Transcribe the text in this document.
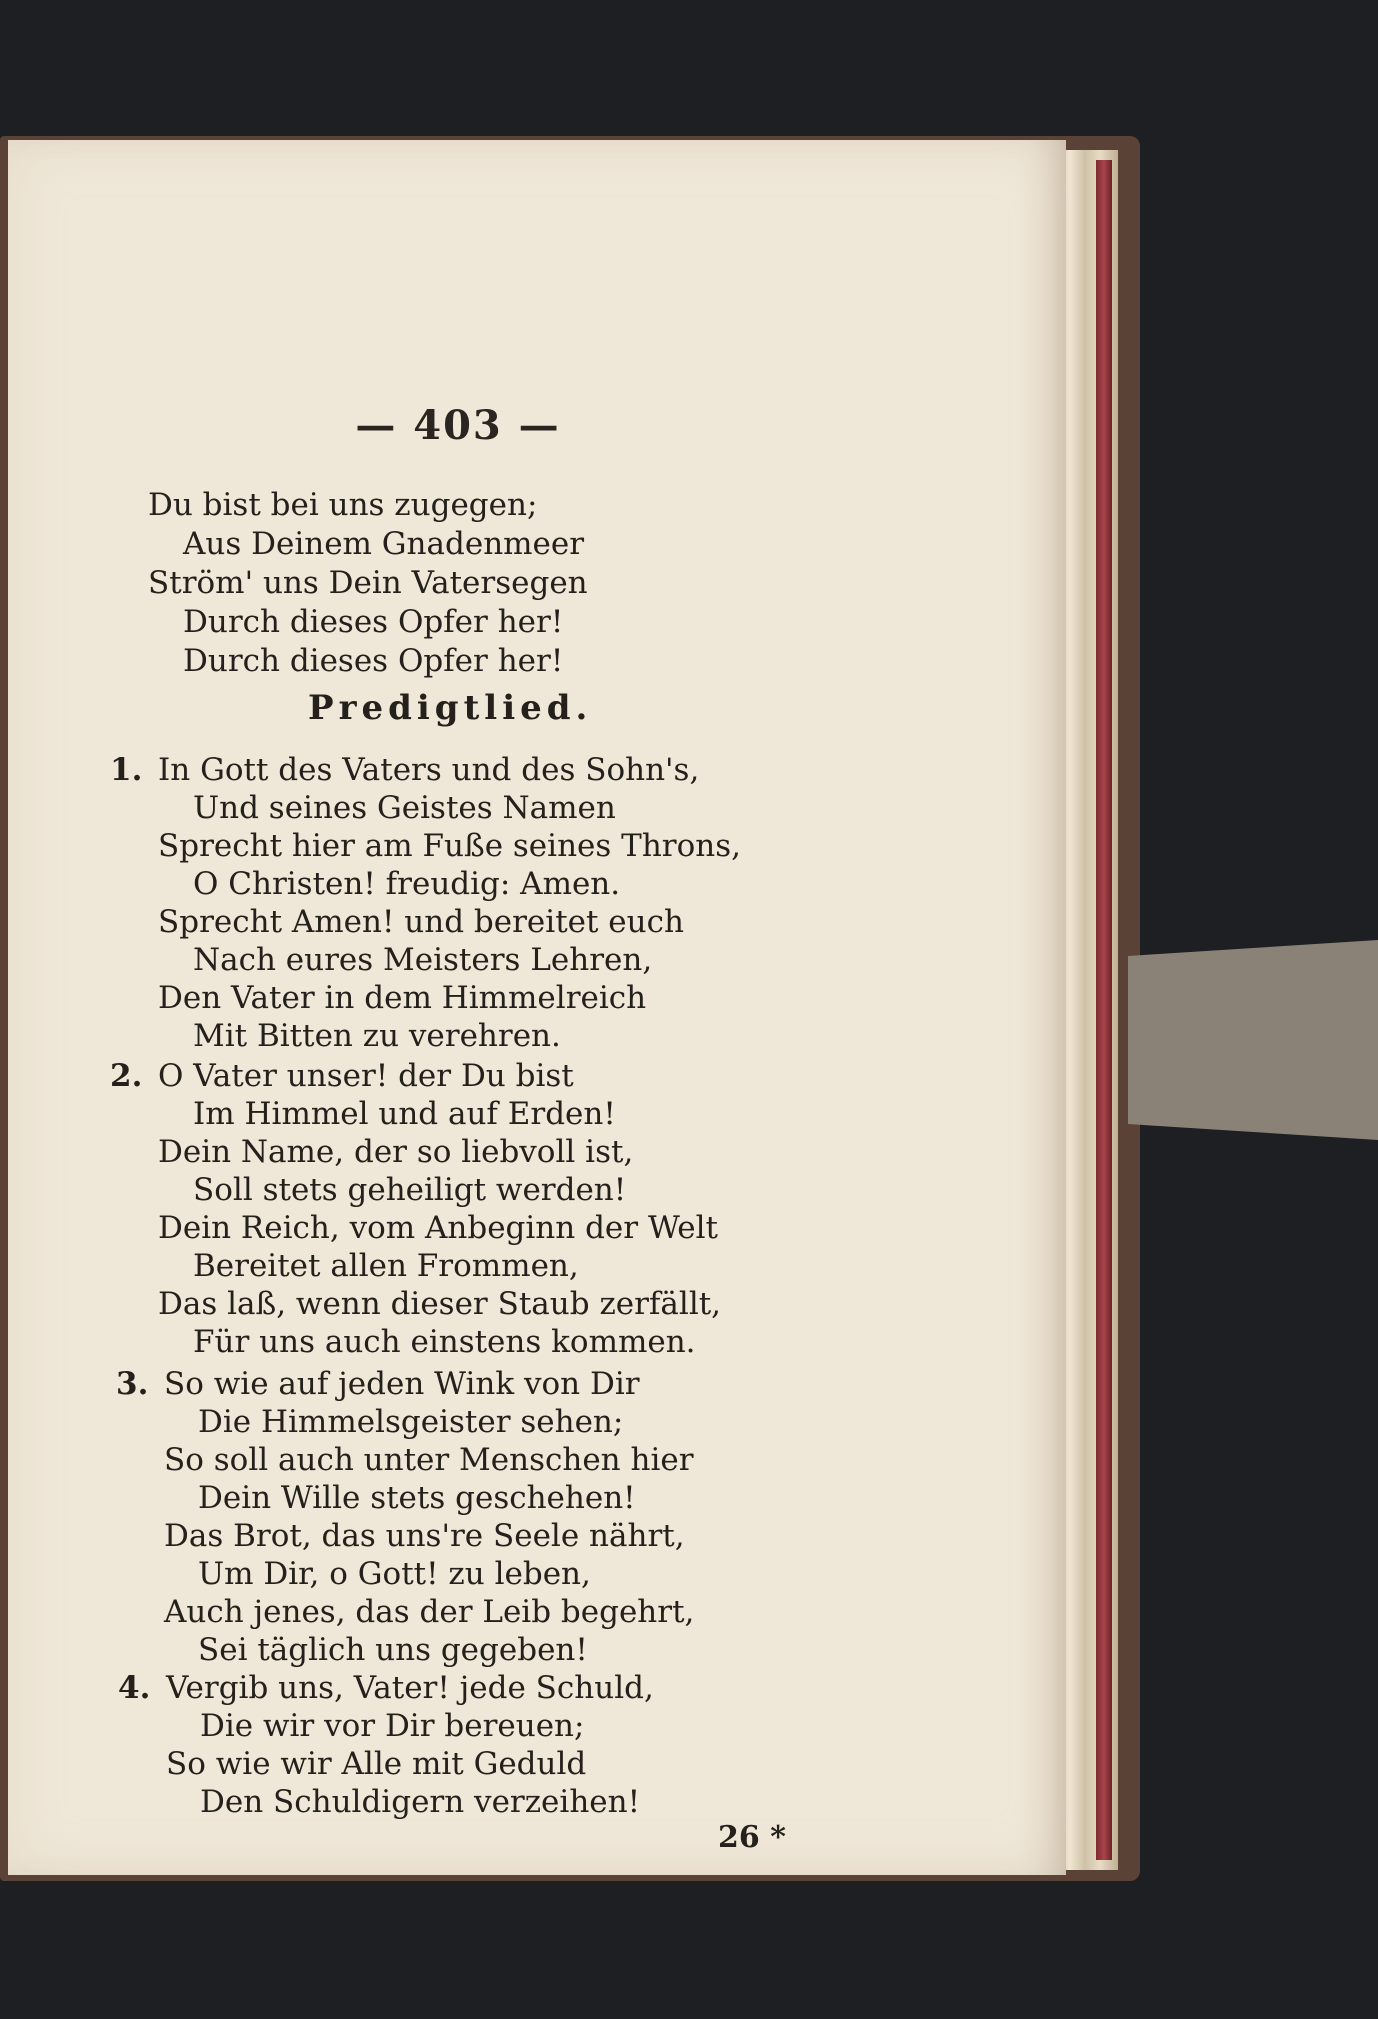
— 403 —
Du bist bei uns zugegen;
Aus Deinem Gnadenmeer
Ström' uns Dein Vatersegen
Durch dieses Opfer her!
Durch dieses Opfer her!
Predigtlied.
1. In Gott des Vaters und des Sohn's,
Und seines Geistes Namen
Sprecht hier am Fuße seines Throns,
O Christen! freudig: Amen.
Sprecht Amen! und bereitet euch
Nach eures Meisters Lehren,
Den Vater in dem Himmelreich
Mit Bitten zu verehren.
2. O Vater unser! der Du bist
Im Himmel und auf Erden!
Dein Name, der so liebvoll ist,
Soll stets geheiligt werden!
Dein Reich, vom Anbeginn der Welt
Bereitet allen Frommen,
Das laß, wenn dieser Staub zerfällt,
Für uns auch einstens kommen.
3. So wie auf jeden Wink von Dir
Die Himmelsgeister sehen;
So soll auch unter Menschen hier
Dein Wille stets geschehen!
Das Brot, das uns're Seele nährt,
Um Dir, o Gott! zu leben,
Auch jenes, das der Leib begehrt,
Sei täglich uns gegeben!
4. Vergib uns, Vater! jede Schuld,
Die wir vor Dir bereuen;
So wie wir Alle mit Geduld
Den Schuldigern verzeihen!
26 *
